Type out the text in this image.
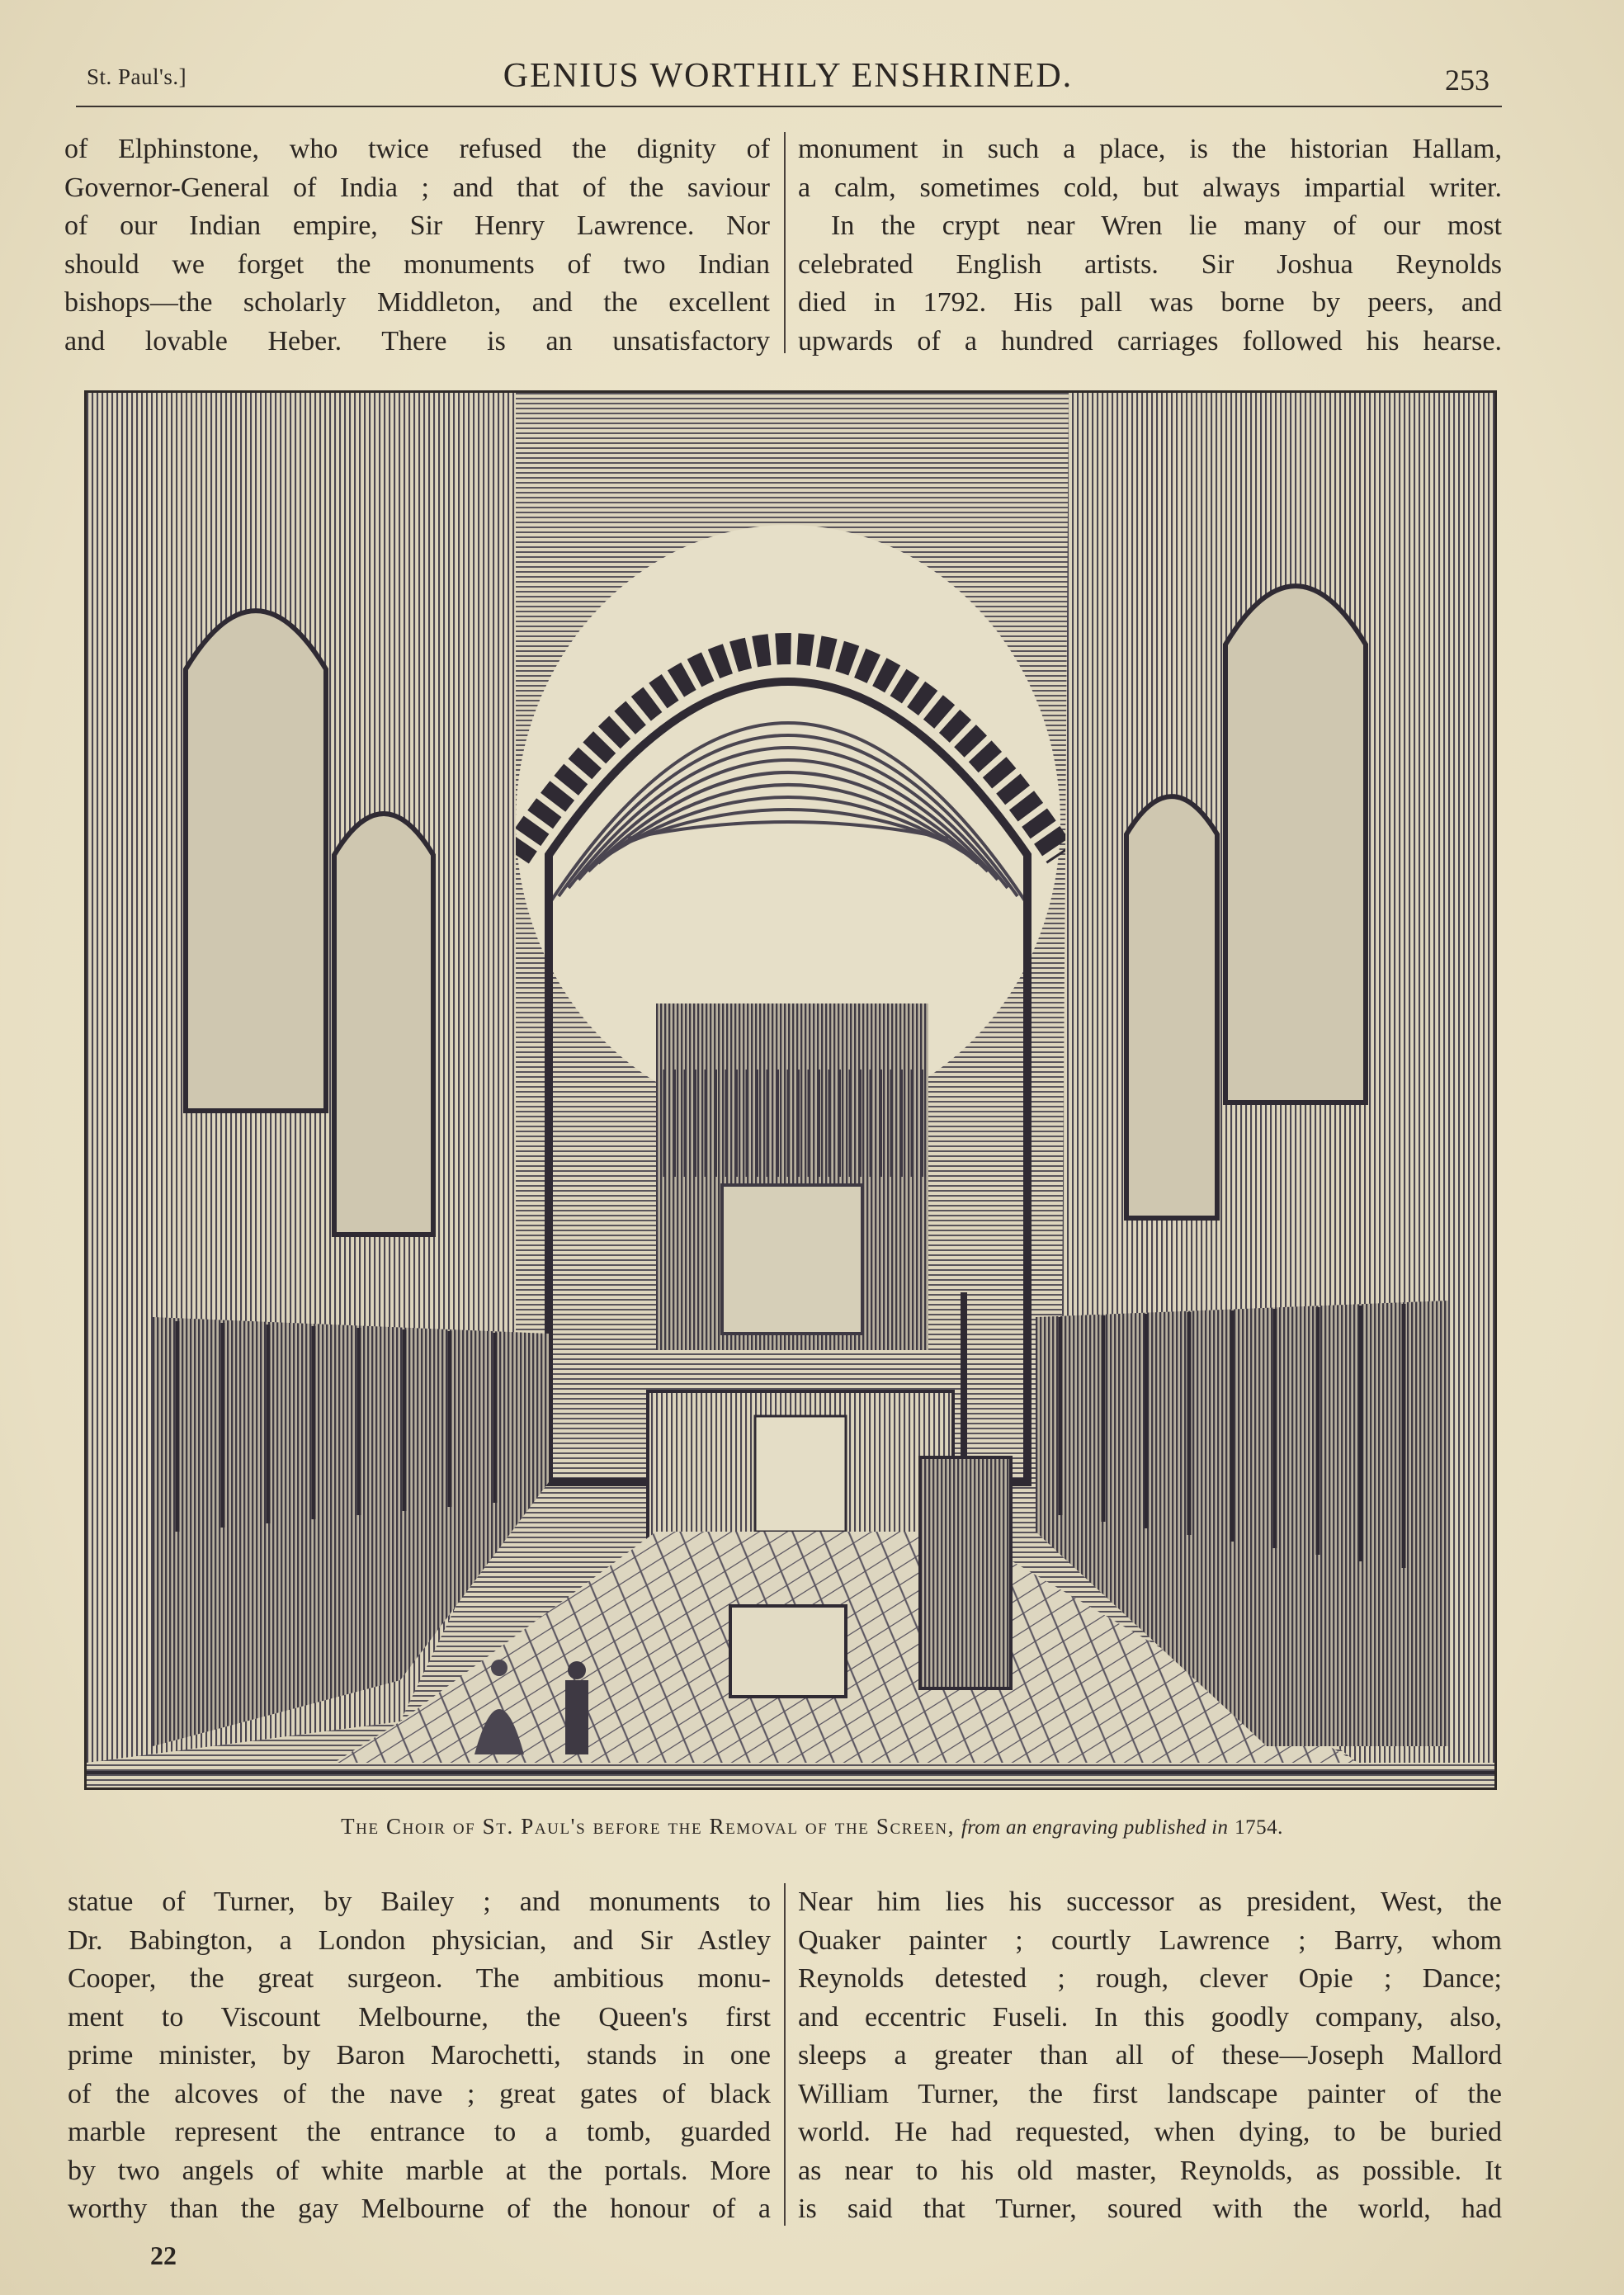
St. Paul's.]	GENIUS WORTHILY ENSHRINED.	253
of Elphinstone, who twice refused the dignity of
Governor-General of India ; and that of the saviour
of our Indian empire, Sir Henry Lawrence. Nor
should we forget the monuments of two Indian
bishops—the scholarly Middleton, and the excellent
and lovable Heber. There is an unsatisfactory
monument in such a place, is the historian Hallam,
a calm, sometimes cold, but always impartial writer.
In the crypt near Wren lie many of our most
celebrated English artists. Sir Joshua Reynolds
died in 1792. His pall was borne by peers, and
upwards of a hundred carriages followed his hearse.
The Choir of St. Paul's before the Removal of the Screen, from an engraving published in 1754.
statue of Turner, by Bailey ; and monuments to
Dr. Babington, a London physician, and Sir Astley
Cooper, the great surgeon. The ambitious monu-
ment to Viscount Melbourne, the Queen's first
prime minister, by Baron Marochetti, stands in one
of the alcoves of the nave ; great gates of black
marble represent the entrance to a tomb, guarded
by two angels of white marble at the portals. More
worthy than the gay Melbourne of the honour of a
Near him lies his successor as president, West, the
Quaker painter ; courtly Lawrence ; Barry, whom
Reynolds detested ; rough, clever Opie ; Dance;
and eccentric Fuseli. In this goodly company, also,
sleeps a greater than all of these—Joseph Mallord
William Turner, the first landscape painter of the
world. He had requested, when dying, to be buried
as near to his old master, Reynolds, as possible. It
is said that Turner, soured with the world, had
22
